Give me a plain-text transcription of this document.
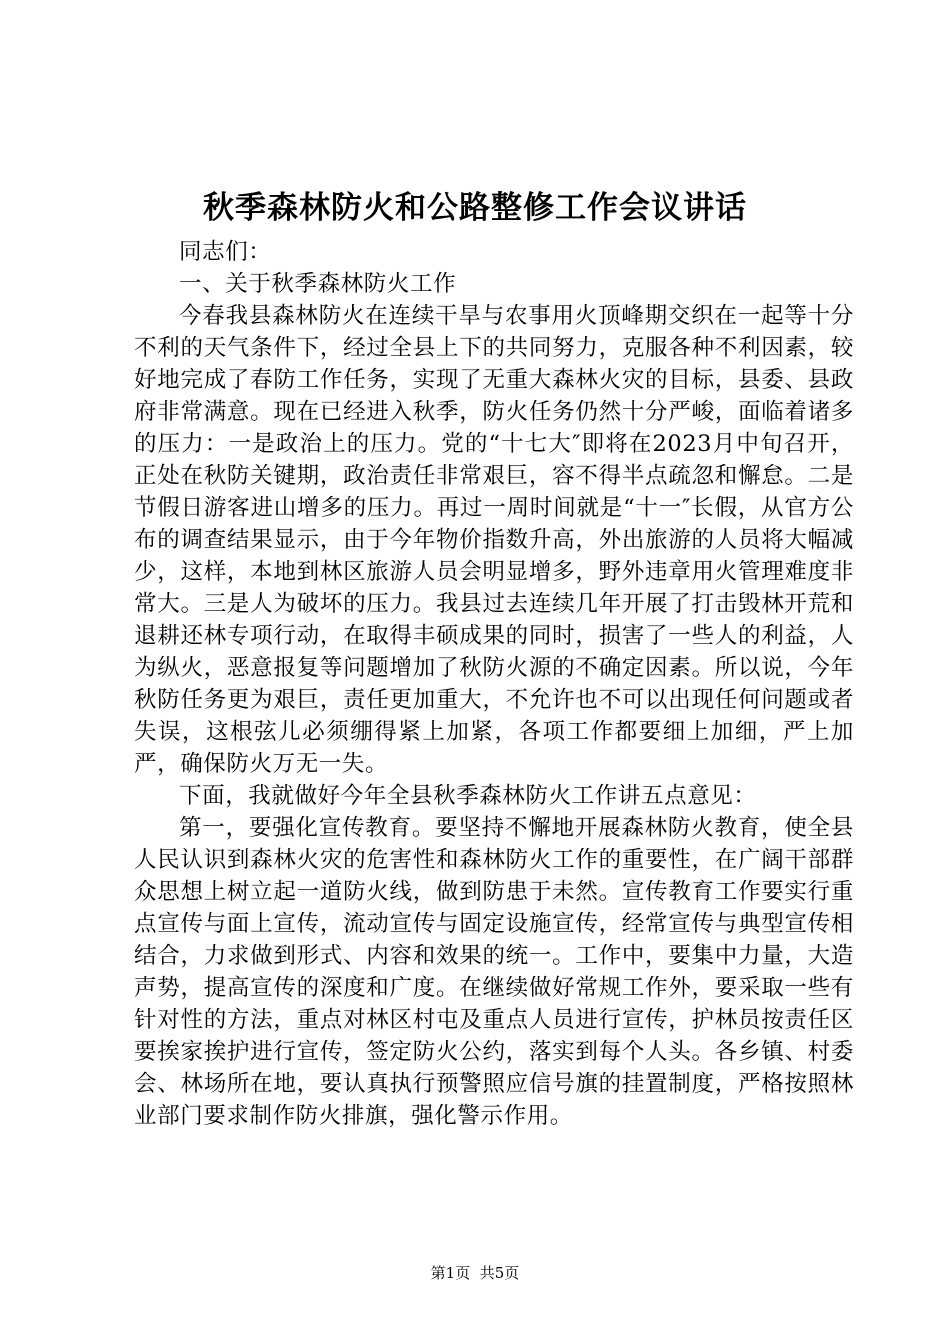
秋季森林防火和公路整修工作会议讲话

同志们：

一、关于秋季森林防火工作

今春我县森林防火在连续干旱与农事用火顶峰期交织在一起等十分不利的天气条件下，经过全县上下的共同努力，克服各种不利因素，较好地完成了春防工作任务，实现了无重大森林火灾的目标，县委、县政府非常满意。现在已经进入秋季，防火任务仍然十分严峻，面临着诸多的压力：一是政治上的压力。党的“十七大″即将在2023月中旬召开，正处在秋防关键期，政治责任非常艰巨，容不得半点疏忽和懈怠。二是节假日游客进山增多的压力。再过一周时间就是“十一″长假，从官方公布的调查结果显示，由于今年物价指数升高，外出旅游的人员将大幅减少，这样，本地到林区旅游人员会明显增多，野外违章用火管理难度非常大。三是人为破坏的压力。我县过去连续几年开展了打击毁林开荒和退耕还林专项行动，在取得丰硕成果的同时，损害了一些人的利益，人为纵火，恶意报复等问题增加了秋防火源的不确定因素。所以说，今年秋防任务更为艰巨，责任更加重大，不允许也不可以出现任何问题或者失误，这根弦儿必须绷得紧上加紧，各项工作都要细上加细，严上加严，确保防火万无一失。

下面，我就做好今年全县秋季森林防火工作讲五点意见：

第一，要强化宣传教育。要坚持不懈地开展森林防火教育，使全县人民认识到森林火灾的危害性和森林防火工作的重要性，在广阔干部群众思想上树立起一道防火线，做到防患于未然。宣传教育工作要实行重点宣传与面上宣传，流动宣传与固定设施宣传，经常宣传与典型宣传相结合，力求做到形式、内容和效果的统一。工作中，要集中力量，大造声势，提高宣传的深度和广度。在继续做好常规工作外，要采取一些有针对性的方法，重点对林区村屯及重点人员进行宣传，护林员按责任区要挨家挨护进行宣传，签定防火公约，落实到每个人头。各乡镇、村委会、林场所在地，要认真执行预警照应信号旗的挂置制度，严格按照林业部门要求制作防火排旗，强化警示作用。

第1页 共5页
